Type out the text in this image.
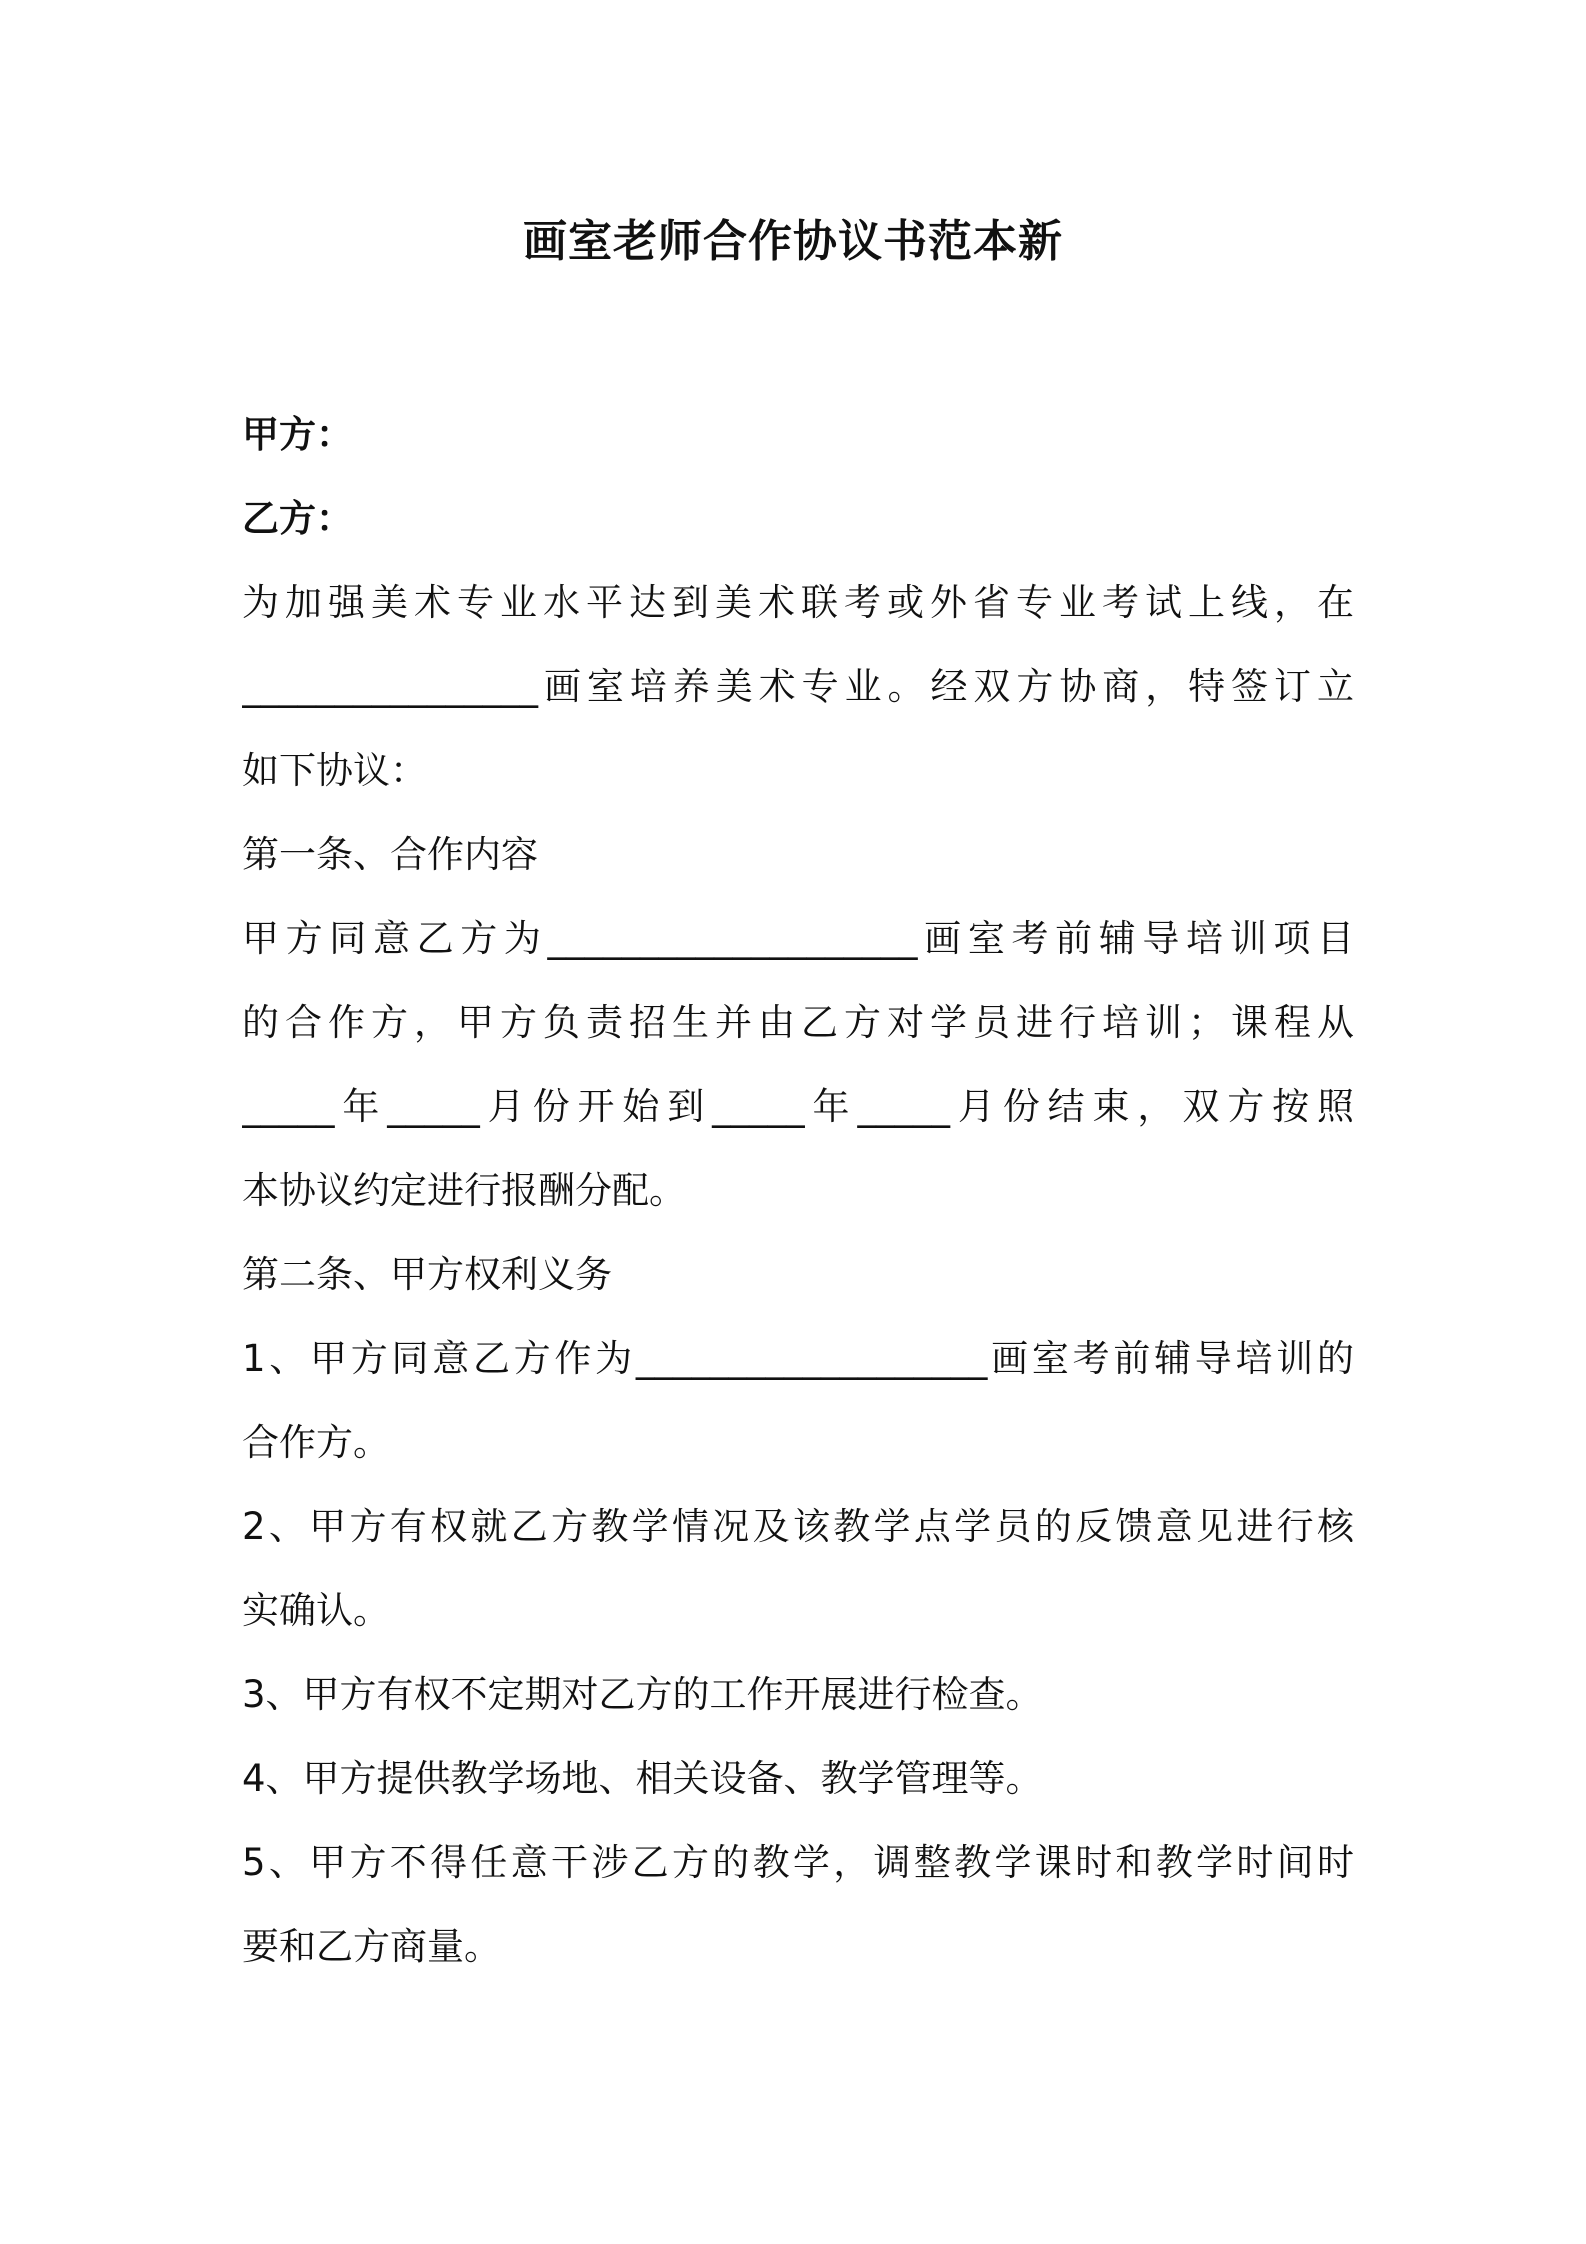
画室老师合作协议书范本新
甲方：
乙方：
为加强美术专业水平达到美术联考或外省专业考试上线，在
________________画室培养美术专业。经双方协商，特签订立
如下协议：
第一条、合作内容
甲方同意乙方为____________________画室考前辅导培训项目
的合作方，甲方负责招生并由乙方对学员进行培训；课程从
_____年_____月份开始到_____年_____月份结束，双方按照
本协议约定进行报酬分配。
第二条、甲方权利义务
1、甲方同意乙方作为___________________画室考前辅导培训的
合作方。
2、甲方有权就乙方教学情况及该教学点学员的反馈意见进行核
实确认。
3、甲方有权不定期对乙方的工作开展进行检查。
4、甲方提供教学场地、相关设备、教学管理等。
5、甲方不得任意干涉乙方的教学，调整教学课时和教学时间时
要和乙方商量。
